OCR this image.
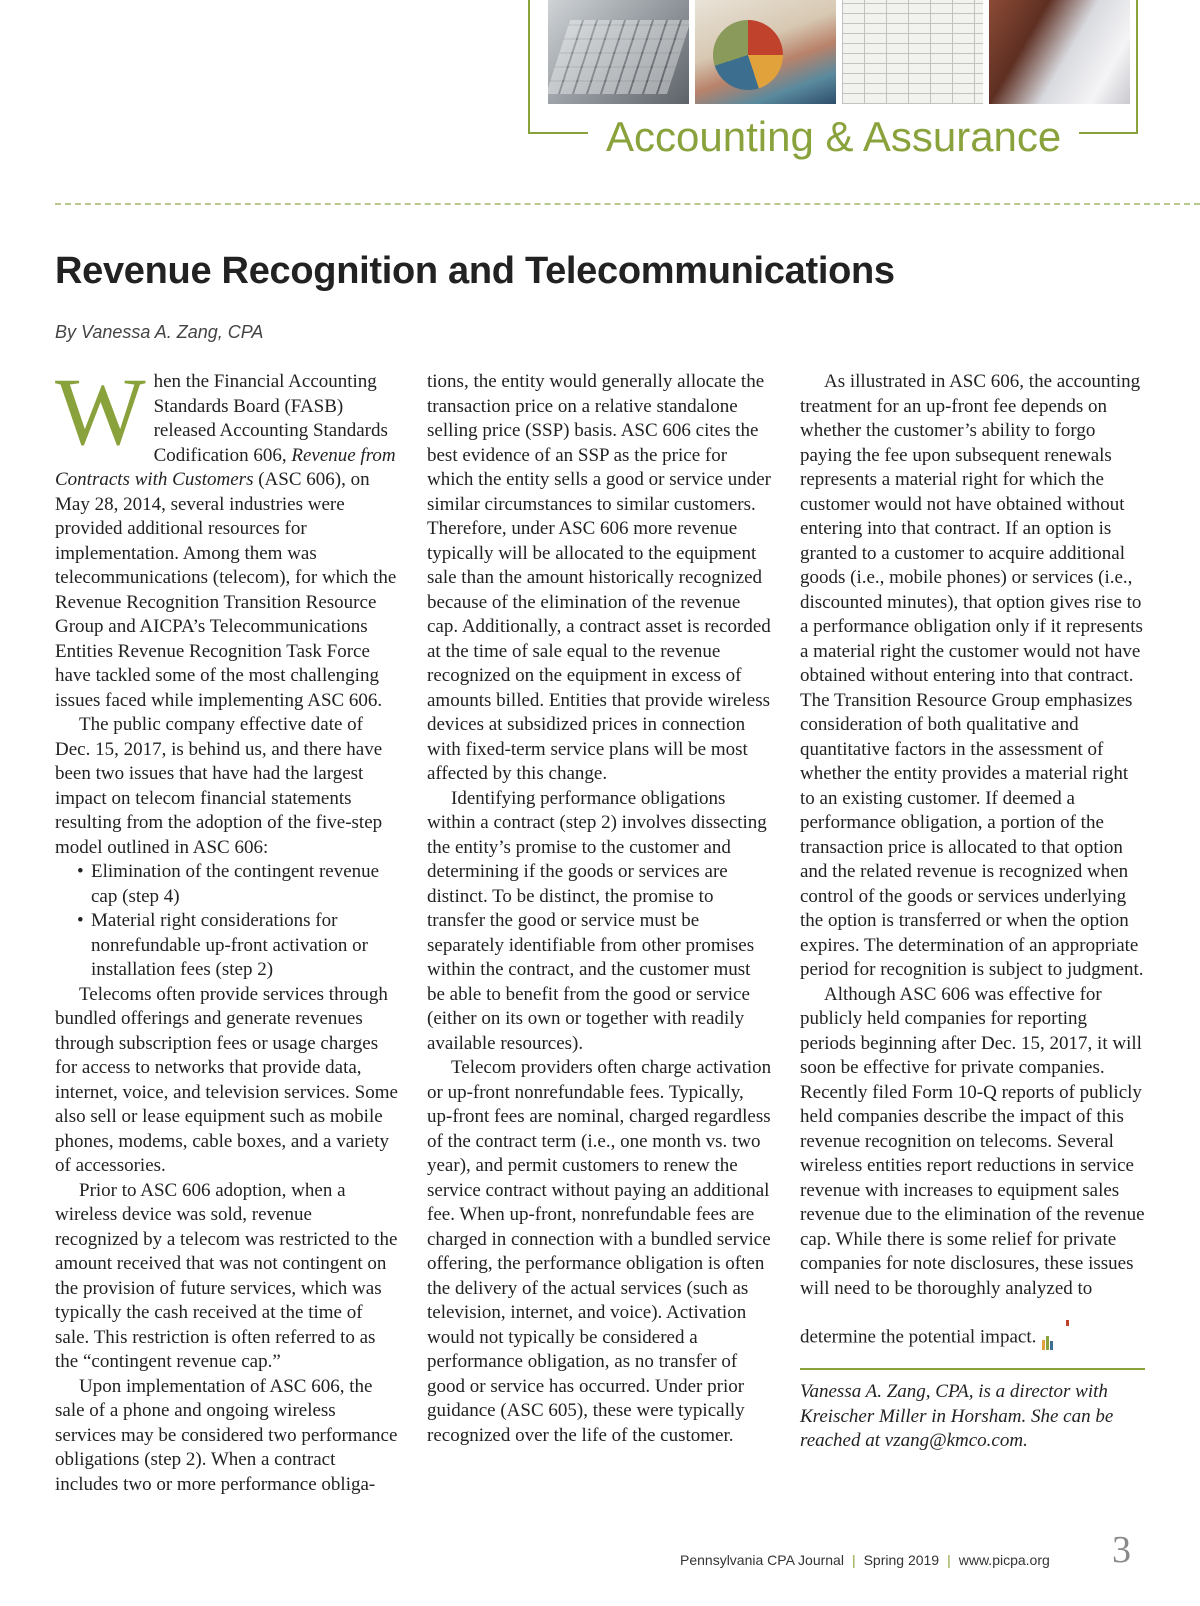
Accounting & Assurance
Revenue Recognition and Telecommunications
By Vanessa A. Zang, CPA

When the Financial Accounting Standards Board (FASB) released Accounting Standards Codification 606, Revenue from Contracts with Customers (ASC 606), on May 28, 2014, several industries were provided additional resources for implementation. Among them was telecommunications (telecom), for which the Revenue Recognition Transition Resource Group and AICPA’s Telecommunications Entities Revenue Recognition Task Force have tackled some of the most challenging issues faced while implementing ASC 606.

The public company effective date of Dec. 15, 2017, is behind us, and there have been two issues that have had the largest impact on telecom financial statements resulting from the adoption of the five-step model outlined in ASC 606:

• Elimination of the contingent revenue cap (step 4)
• Material right considerations for nonrefundable up-front activation or installation fees (step 2)

Telecoms often provide services through bundled offerings and generate revenues through subscription fees or usage charges for access to networks that provide data, internet, voice, and television services. Some also sell or lease equipment such as mobile phones, modems, cable boxes, and a variety of accessories.

Prior to ASC 606 adoption, when a wireless device was sold, revenue recognized by a telecom was restricted to the amount received that was not contingent on the provision of future services, which was typically the cash received at the time of sale. This restriction is often referred to as the “contingent revenue cap.”

Upon implementation of ASC 606, the sale of a phone and ongoing wireless services may be considered two performance obligations (step 2). When a contract includes two or more performance obliga-

tions, the entity would generally allocate the transaction price on a relative standalone selling price (SSP) basis. ASC 606 cites the best evidence of an SSP as the price for which the entity sells a good or service under similar circumstances to similar customers. Therefore, under ASC 606 more revenue typically will be allocated to the equipment sale than the amount historically recognized because of the elimination of the revenue cap. Additionally, a contract asset is recorded at the time of sale equal to the revenue recognized on the equipment in excess of amounts billed. Entities that provide wireless devices at subsidized prices in connection with fixed-term service plans will be most affected by this change.

Identifying performance obligations within a contract (step 2) involves dissecting the entity’s promise to the customer and determining if the goods or services are distinct. To be distinct, the promise to transfer the good or service must be separately identifiable from other promises within the contract, and the customer must be able to benefit from the good or service (either on its own or together with readily available resources).

Telecom providers often charge activation or up-front nonrefundable fees. Typically, up-front fees are nominal, charged regardless of the contract term (i.e., one month vs. two year), and permit customers to renew the service contract without paying an additional fee. When up-front, nonrefundable fees are charged in connection with a bundled service offering, the performance obligation is often the delivery of the actual services (such as television, internet, and voice). Activation would not typically be considered a performance obligation, as no transfer of good or service has occurred. Under prior guidance (ASC 605), these were typically recognized over the life of the customer.

As illustrated in ASC 606, the accounting treatment for an up-front fee depends on whether the customer’s ability to forgo paying the fee upon subsequent renewals represents a material right for which the customer would not have obtained without entering into that contract. If an option is granted to a customer to acquire additional goods (i.e., mobile phones) or services (i.e., discounted minutes), that option gives rise to a performance obligation only if it represents a material right the customer would not have obtained without entering into that contract. The Transition Resource Group emphasizes consideration of both qualitative and quantitative factors in the assessment of whether the entity provides a material right to an existing customer. If deemed a performance obligation, a portion of the transaction price is allocated to that option and the related revenue is recognized when control of the goods or services underlying the option is transferred or when the option expires. The determination of an appropriate period for recognition is subject to judgment.

Although ASC 606 was effective for publicly held companies for reporting periods beginning after Dec. 15, 2017, it will soon be effective for private companies. Recently filed Form 10-Q reports of publicly held companies describe the impact of this revenue recognition on telecoms. Several wireless entities report reductions in service revenue with increases to equipment sales revenue due to the elimination of the revenue cap. While there is some relief for private companies for note disclosures, these issues will need to be thoroughly analyzed to determine the potential impact.

Vanessa A. Zang, CPA, is a director with Kreischer Miller in Horsham. She can be reached at vzang@kmco.com.

Pennsylvania CPA Journal | Spring 2019 | www.picpa.org 3
